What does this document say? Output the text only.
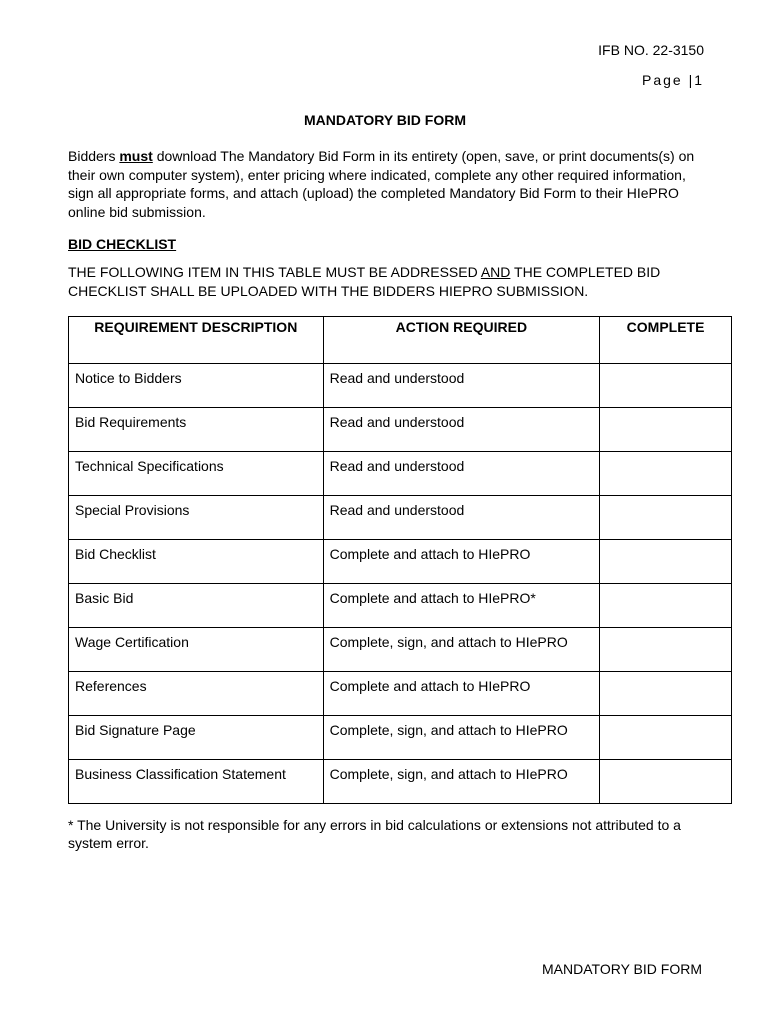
IFB NO. 22-3150
Page |1
MANDATORY BID FORM
Bidders must download The Mandatory Bid Form in its entirety (open, save, or print documents(s) on their own computer system), enter pricing where indicated, complete any other required information, sign all appropriate forms, and attach (upload) the completed Mandatory Bid Form to their HIePRO online bid submission.
BID CHECKLIST
THE FOLLOWING ITEM IN THIS TABLE MUST BE ADDRESSED AND THE COMPLETED BID CHECKLIST SHALL BE UPLOADED WITH THE BIDDERS HIEPRO SUBMISSION.
REQUIREMENT DESCRIPTION	ACTION REQUIRED	COMPLETE
Notice to Bidders	Read and understood	
Bid Requirements	Read and understood	
Technical Specifications	Read and understood	
Special Provisions	Read and understood	
Bid Checklist	Complete and attach to HIePRO	
Basic Bid	Complete and attach to HIePRO*	
Wage Certification	Complete, sign, and attach to HIePRO	
References	Complete and attach to HIePRO	
Bid Signature Page	Complete, sign, and attach to HIePRO	
Business Classification Statement	Complete, sign, and attach to HIePRO	
* The University is not responsible for any errors in bid calculations or extensions not attributed to a system error.
MANDATORY BID FORM
